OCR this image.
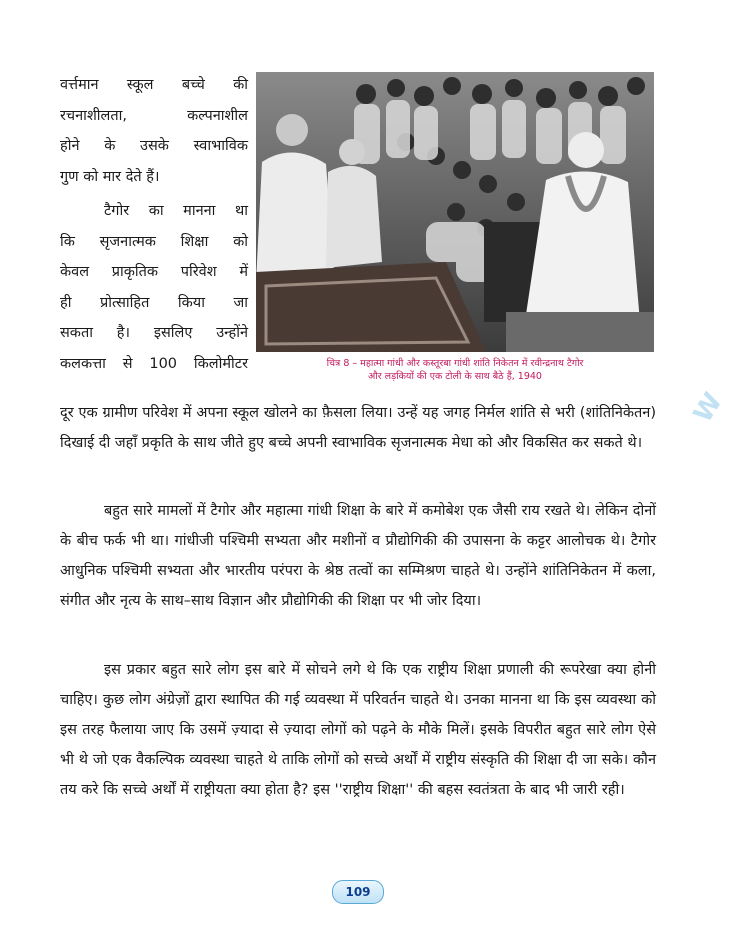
वर्त्तमान स्कूल बच्चे की

रचनाशीलता, कल्पनाशील

होने के उसके स्वाभाविक

गुण को मार देते हैं।

टैगोर का मानना था

कि सृजनात्मक शिक्षा को

केवल प्राकृतिक परिवेश में

ही प्रोत्साहित किया जा

सकता है। इसलिए उन्होंने

कलकत्ता से 100 किलोमीटर	चित्र 8 – महात्मा गांधी और कस्तूरबा गांधी शांति निकेतन में रवीन्द्रनाथ टैगोर
और लड़कियों की एक टोली के साथ बैठे हैं, 1940

दूर एक ग्रामीण परिवेश में अपना स्कूल खोलने का फ़ैसला लिया। उन्हें यह जगह निर्मल शांति से भरी (शांतिनिकेतन) दिखाई दी जहाँ प्रकृति के साथ जीते हुए बच्चे अपनी स्वाभाविक सृजनात्मक मेधा को और विकसित कर सकते थे।

बहुत सारे मामलों में टैगोर और महात्मा गांधी शिक्षा के बारे में कमोबेश एक जैसी राय रखते थे। लेकिन दोनों के बीच फर्क भी था। गांधीजी पश्चिमी सभ्यता और मशीनों व प्रौद्योगिकी की उपासना के कट्टर आलोचक थे। टैगोर आधुनिक पश्चिमी सभ्यता और भारतीय परंपरा के श्रेष्ठ तत्वों का सम्मिश्रण चाहते थे। उन्होंने शांतिनिकेतन में कला, संगीत और नृत्य के साथ–साथ विज्ञान और प्रौद्योगिकी की शिक्षा पर भी जोर दिया।

इस प्रकार बहुत सारे लोग इस बारे में सोचने लगे थे कि एक राष्ट्रीय शिक्षा प्रणाली की रूपरेखा क्या होनी चाहिए। कुछ लोग अंग्रेज़ों द्वारा स्थापित की गई व्यवस्था में परिवर्तन चाहते थे। उनका मानना था कि इस व्यवस्था को इस तरह फैलाया जाए कि उसमें ज़्यादा से ज़्यादा लोगों को पढ़ने के मौके मिलें। इसके विपरीत बहुत सारे लोग ऐसे भी थे जो एक वैकल्पिक व्यवस्था चाहते थे ताकि लोगों को सच्चे अर्थों में राष्ट्रीय संस्कृति की शिक्षा दी जा सके। कौन तय करे कि सच्चे अर्थों में राष्ट्रीयता क्या होता है? इस ''राष्ट्रीय शिक्षा'' की बहस स्वतंत्रता के बाद भी जारी रही।

W
109
